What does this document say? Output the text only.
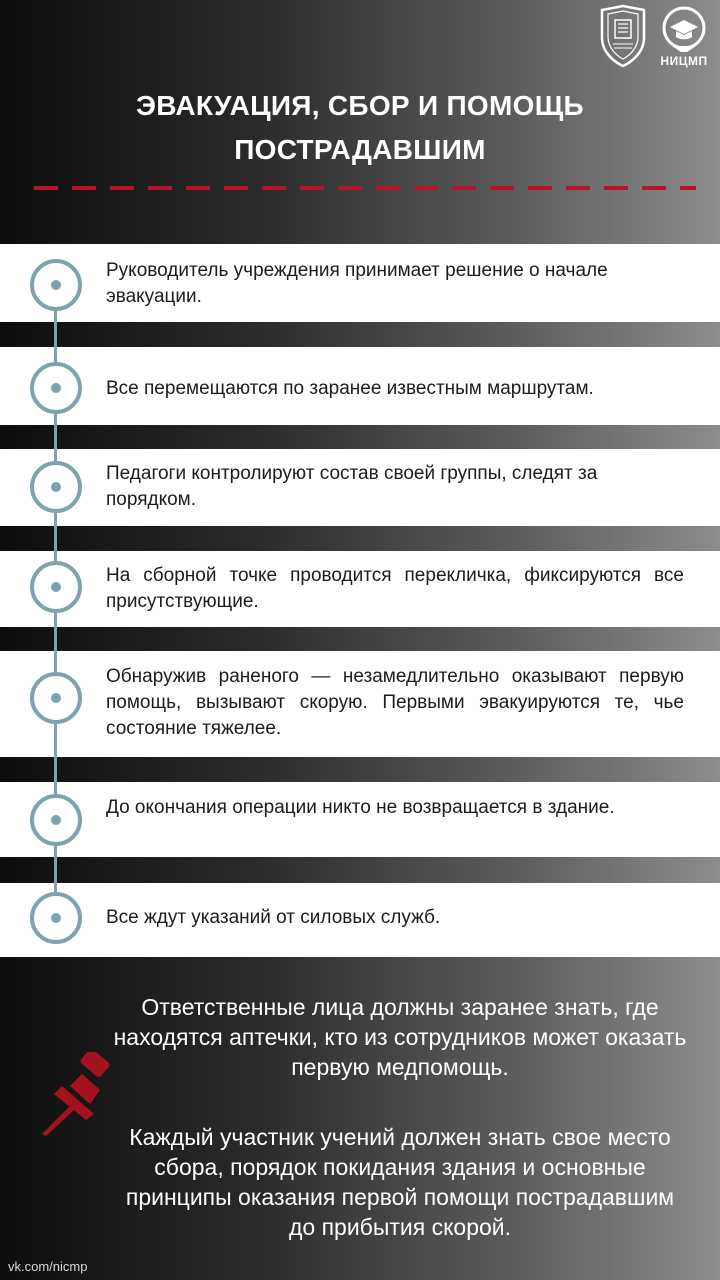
НИЦМП
ЭВАКУАЦИЯ, СБОР И ПОМОЩЬ
ПОСТРАДАВШИМ
Руководитель учреждения принимает решение о начале эвакуации.
Все перемещаются по заранее известным маршрутам.
Педагоги контролируют состав своей группы, следят за порядком.
На сборной точке проводится перекличка, фиксируются все присутствующие.
Обнаружив раненого — незамедлительно оказывают первую помощь, вызывают скорую. Первыми эвакуируются те, чье состояние тяжелее.
До окончания операции никто не возвращается в здание.
Все ждут указаний от силовых служб.
Ответственные лица должны заранее знать, где находятся аптечки, кто из сотрудников может оказать первую медпомощь.
Каждый участник учений должен знать свое место сбора, порядок покидания здания и основные принципы оказания первой помощи пострадавшим до прибытия скорой.
vk.com/nicmp
